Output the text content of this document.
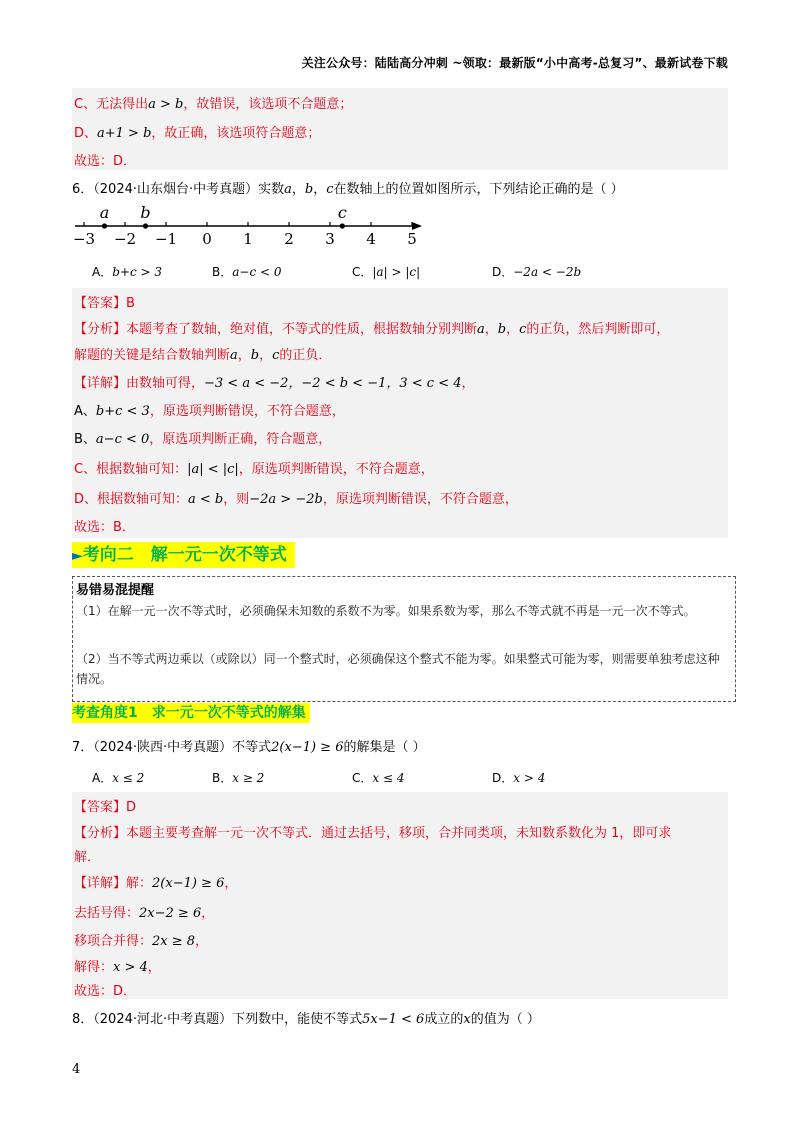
关注公众号：陆陆高分冲刺 ~领取：最新版“小中高考-总复习”、最新试卷下载
C、无法得出a > b，故错误，该选项不合题意；
D、a+1 > b，故正确，该选项符合题意；
故选：D．
6．（2024·山东烟台·中考真题）实数a，b，c在数轴上的位置如图所示，下列结论正确的是（ ）
−3 −2 −1 0 1 2 3 4 5
a b	c
A．b+c > 3	B．a−c < 0	C．|a| > |c|	D．−2a < −2b
【答案】B
【分析】本题考查了数轴，绝对值，不等式的性质，根据数轴分别判断a，b，c的正负，然后判断即可，
解题的关键是结合数轴判断a，b，c的正负．
【详解】由数轴可得，−3 < a < −2，−2 < b < −1，3 < c < 4，
A、b+c < 3，原选项判断错误，不符合题意，
B、a−c < 0，原选项判断正确，符合题意，
C、根据数轴可知：|a| < |c|，原选项判断错误，不符合题意，
D、根据数轴可知：a < b，则−2a > −2b，原选项判断错误，不符合题意，
故选：B．
►考向二　解一元一次不等式
易错易混提醒
（1）在解一元一次不等式时，必须确保未知数的系数不为零。如果系数为零，那么不等式就不再是一元一次不等式。
（2）当不等式两边乘以（或除以）同一个整式时，必须确保这个整式不能为零。如果整式可能为零，则需要单独考虑这种情况。
考查角度1　求一元一次不等式的解集
7．（2024·陕西·中考真题）不等式2(x−1) ≥ 6的解集是（ ）
A．x ≤ 2	B．x ≥ 2	C．x ≤ 4	D．x > 4
【答案】D
【分析】本题主要考查解一元一次不等式．通过去括号，移项，合并同类项，未知数系数化为 1，即可求
解．
【详解】解：2(x−1) ≥ 6，
去括号得：2x−2 ≥ 6，
移项合并得：2x ≥ 8，
解得：x > 4，
故选：D．
8．（2024·河北·中考真题）下列数中，能使不等式5x−1 < 6成立的x的值为（ ）
4
